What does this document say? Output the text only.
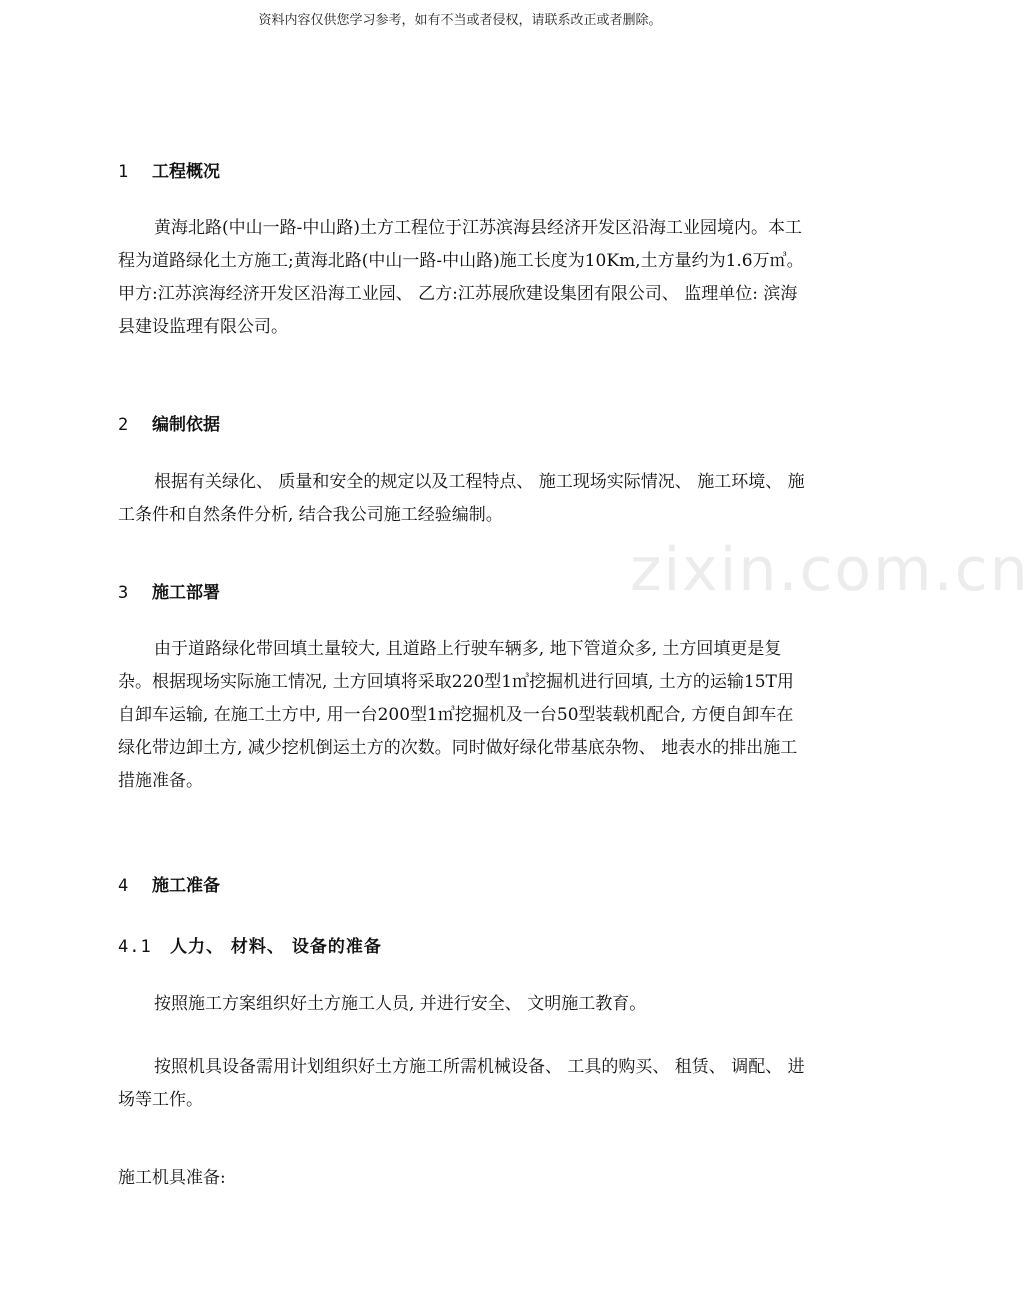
资料内容仅供您学习参考，如有不当或者侵权，请联系改正或者删除。
zixin.com.cn
1 工程概况

黄海北路(中山一路-中山路)土方工程位于江苏滨海县经济开发区沿海工业园境内。本工程为道路绿化土方施工;黄海北路(中山一路-中山路)施工长度为10Km,土方量约为1.6万㎥。甲方:江苏滨海经济开发区沿海工业园、 乙方:江苏展欣建设集团有限公司、 监理单位: 滨海县建设监理有限公司。

2 编制依据

根据有关绿化、 质量和安全的规定以及工程特点、 施工现场实际情况、 施工环境、 施工条件和自然条件分析, 结合我公司施工经验编制。

3 施工部署

由于道路绿化带回填土量较大, 且道路上行驶车辆多, 地下管道众多, 土方回填更是复杂。根据现场实际施工情况, 土方回填将采取220型1㎥挖掘机进行回填, 土方的运输15T用自卸车运输, 在施工土方中, 用一台200型1㎥挖掘机及一台50型装载机配合, 方便自卸车在绿化带边卸土方, 减少挖机倒运土方的次数。同时做好绿化带基底杂物、 地表水的排出施工措施准备。

4 施工准备
4.1 人力、 材料、 设备的准备

按照施工方案组织好土方施工人员, 并进行安全、 文明施工教育。

按照机具设备需用计划组织好土方施工所需机械设备、 工具的购买、 租赁、 调配、 进场等工作。

施工机具准备:
